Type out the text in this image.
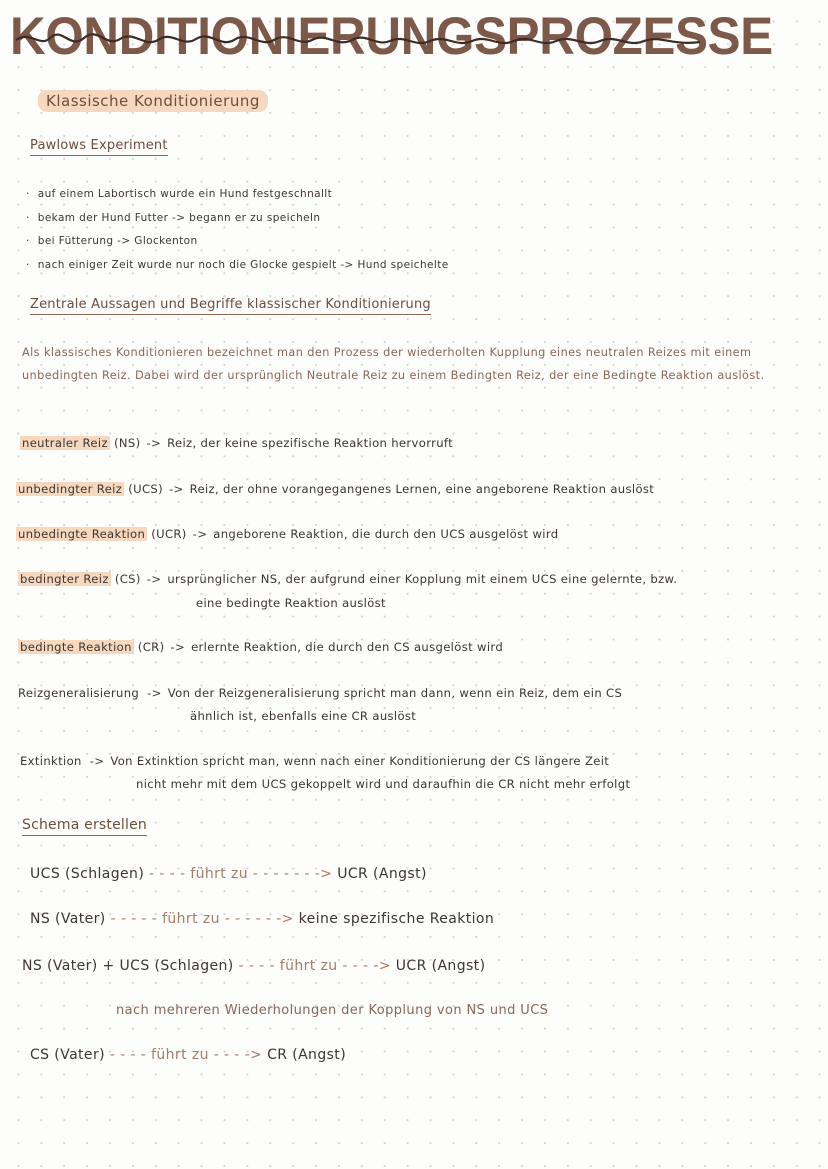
KONDITIONIERUNGSPROZESSE
Klassische Konditionierung
Pawlows Experiment
· auf einem Labortisch wurde ein Hund festgeschnallt
· bekam der Hund Futter -> begann er zu speicheln
· bei Fütterung -> Glockenton
· nach einiger Zeit wurde nur noch die Glocke gespielt -> Hund speichelte
Zentrale Aussagen und Begriffe klassischer Konditionierung
Als klassisches Konditionieren bezeichnet man den Prozess der wiederholten Kupplung eines neutralen Reizes mit einem unbedingten Reiz. Dabei wird der ursprünglich Neutrale Reiz zu einem Bedingten Reiz, der eine Bedingte Reaktion auslöst.
neutraler Reiz (NS) -> Reiz, der keine spezifische Reaktion hervorruft
unbedingter Reiz (UCS) -> Reiz, der ohne vorangegangenes Lernen, eine angeborene Reaktion auslöst
unbedingte Reaktion (UCR) -> angeborene Reaktion, die durch den UCS ausgelöst wird
bedingter Reiz (CS) -> ursprünglicher NS, der aufgrund einer Kopplung mit einem UCS eine gelernte, bzw.
eine bedingte Reaktion auslöst
bedingte Reaktion (CR) -> erlernte Reaktion, die durch den CS ausgelöst wird
Reizgeneralisierung -> Von der Reizgeneralisierung spricht man dann, wenn ein Reiz, dem ein CS
ähnlich ist, ebenfalls eine CR auslöst
Extinktion -> Von Extinktion spricht man, wenn nach einer Konditionierung der CS längere Zeit
nicht mehr mit dem UCS gekoppelt wird und daraufhin die CR nicht mehr erfolgt
Schema erstellen
UCS (Schlagen) - - - - führt zu - - - - - - -> UCR (Angst)
NS (Vater) - - - - - führt zu - - - - - -> keine spezifische Reaktion
NS (Vater) + UCS (Schlagen) - - - - führt zu - - - -> UCR (Angst)
nach mehreren Wiederholungen der Kopplung von NS und UCS
CS (Vater) - - - - führt zu - - - -> CR (Angst)
